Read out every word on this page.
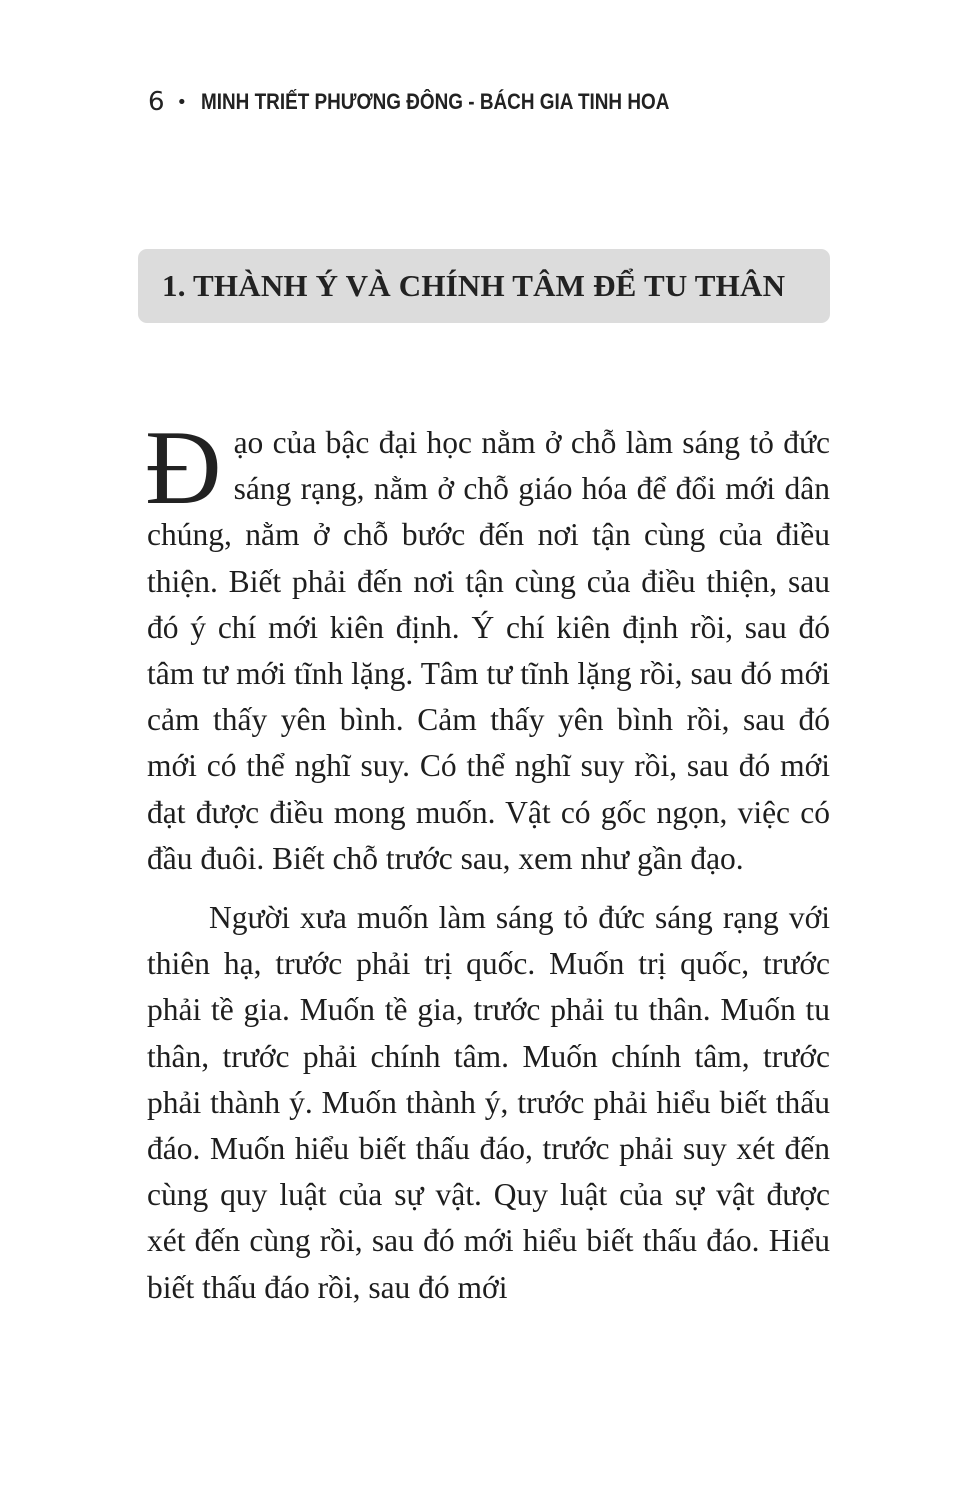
6 • MINH TRIẾT PHƯƠNG ĐÔNG - BÁCH GIA TINH HOA
1. THÀNH Ý VÀ CHÍNH TÂM ĐỂ TU THÂN

Đ ạo của bậc đại học nằm ở chỗ làm sáng tỏ đức sáng rạng, nằm ở chỗ giáo hóa để đổi mới dân chúng, nằm ở chỗ bước đến nơi tận cùng của điều thiện. Biết phải đến nơi tận cùng của điều thiện, sau đó ý chí mới kiên định. Ý chí kiên định rồi, sau đó tâm tư mới tĩnh lặng. Tâm tư tĩnh lặng rồi, sau đó mới cảm thấy yên bình. Cảm thấy yên bình rồi, sau đó mới có thể nghĩ suy. Có thể nghĩ suy rồi, sau đó mới đạt được điều mong muốn. Vật có gốc ngọn, việc có đầu đuôi. Biết chỗ trước sau, xem như gần đạo.

Người xưa muốn làm sáng tỏ đức sáng rạng với thiên hạ, trước phải trị quốc. Muốn trị quốc, trước phải tề gia. Muốn tề gia, trước phải tu thân. Muốn tu thân, trước phải chính tâm. Muốn chính tâm, trước phải thành ý. Muốn thành ý, trước phải hiểu biết thấu đáo. Muốn hiểu biết thấu đáo, trước phải suy xét đến cùng quy luật của sự vật. Quy luật của sự vật được xét đến cùng rồi, sau đó mới hiểu biết thấu đáo. Hiểu biết thấu đáo rồi, sau đó mới
